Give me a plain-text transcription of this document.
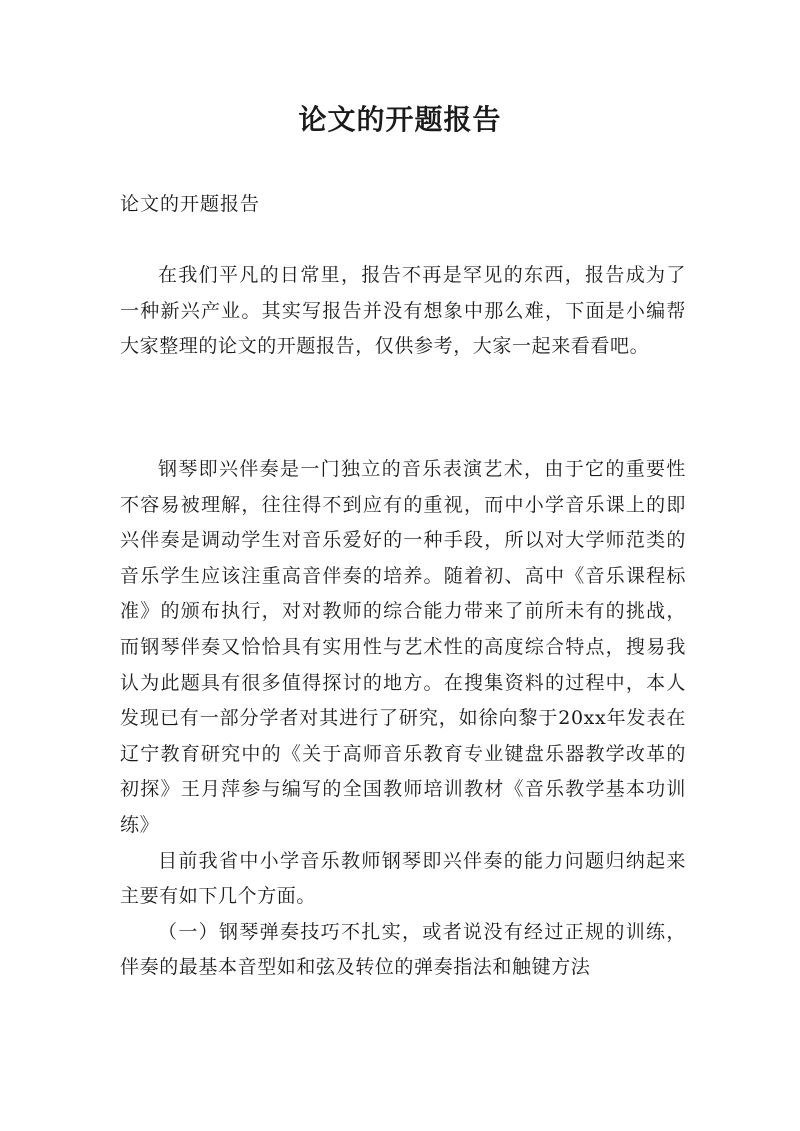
论文的开题报告
论文的开题报告

在我们平凡的日常里，报告不再是罕见的东西，报告成为了一种新兴产业。其实写报告并没有想象中那么难，下面是小编帮大家整理的论文的开题报告，仅供参考，大家一起来看看吧。

钢琴即兴伴奏是一门独立的音乐表演艺术，由于它的重要性不容易被理解，往往得不到应有的重视，而中小学音乐课上的即兴伴奏是调动学生对音乐爱好的一种手段，所以对大学师范类的音乐学生应该注重高音伴奏的培养。随着初、高中《音乐课程标准》的颁布执行，对对教师的综合能力带来了前所未有的挑战，而钢琴伴奏又恰恰具有实用性与艺术性的高度综合特点，搜易我认为此题具有很多值得探讨的地方。在搜集资料的过程中，本人发现已有一部分学者对其进行了研究，如徐向黎于20xx年发表在辽宁教育研究中的《关于高师音乐教育专业键盘乐器教学改革的初探》王月萍参与编写的全国教师培训教材《音乐教学基本功训练》

目前我省中小学音乐教师钢琴即兴伴奏的能力问题归纳起来主要有如下几个方面。

（一）钢琴弹奏技巧不扎实，或者说没有经过正规的训练，伴奏的最基本音型如和弦及转位的弹奏指法和触键方法
